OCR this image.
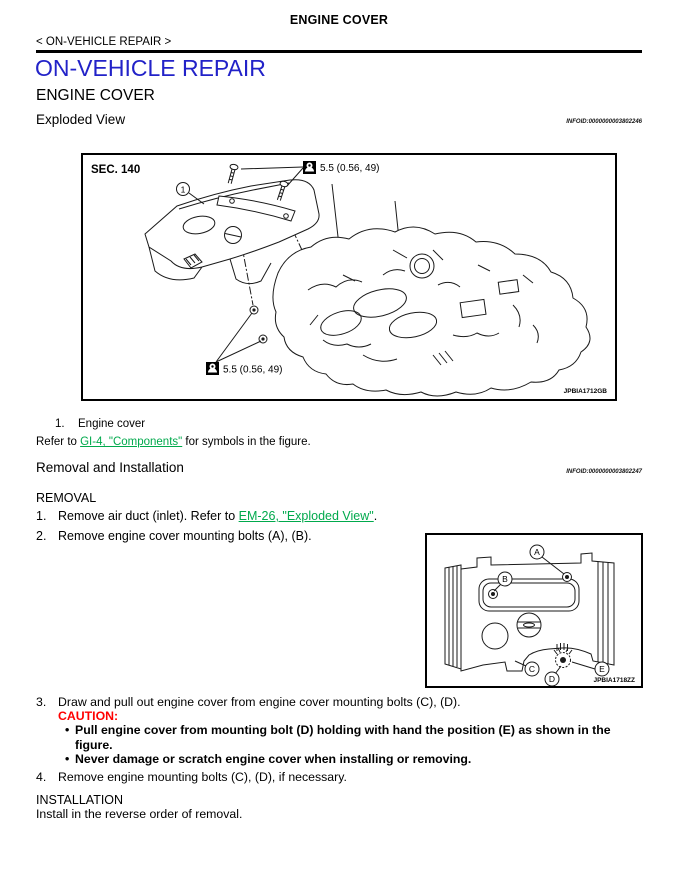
ENGINE COVER
< ON-VEHICLE REPAIR >
ON-VEHICLE REPAIR
ENGINE COVER
Exploded View	INFOID:0000000003802246
SEC. 140
1
5.5 (0.56, 49)
5.5 (0.56, 49)
JPBIA1712GB
1. Engine cover
Refer to GI-4, "Components" for symbols in the figure.
Removal and Installation	INFOID:0000000003802247
REMOVAL
1. Remove air duct (inlet). Refer to EM-26, "Exploded View".
2. Remove engine cover mounting bolts (A), (B).
A
B
C
D
E
JPBIA1718ZZ
3. Draw and pull out engine cover from engine cover mounting bolts (C), (D).
CAUTION:
• Pull engine cover from mounting bolt (D) holding with hand the position (E) as shown in the figure.
• Never damage or scratch engine cover when installing or removing.
4. Remove engine mounting bolts (C), (D), if necessary.
INSTALLATION
Install in the reverse order of removal.
